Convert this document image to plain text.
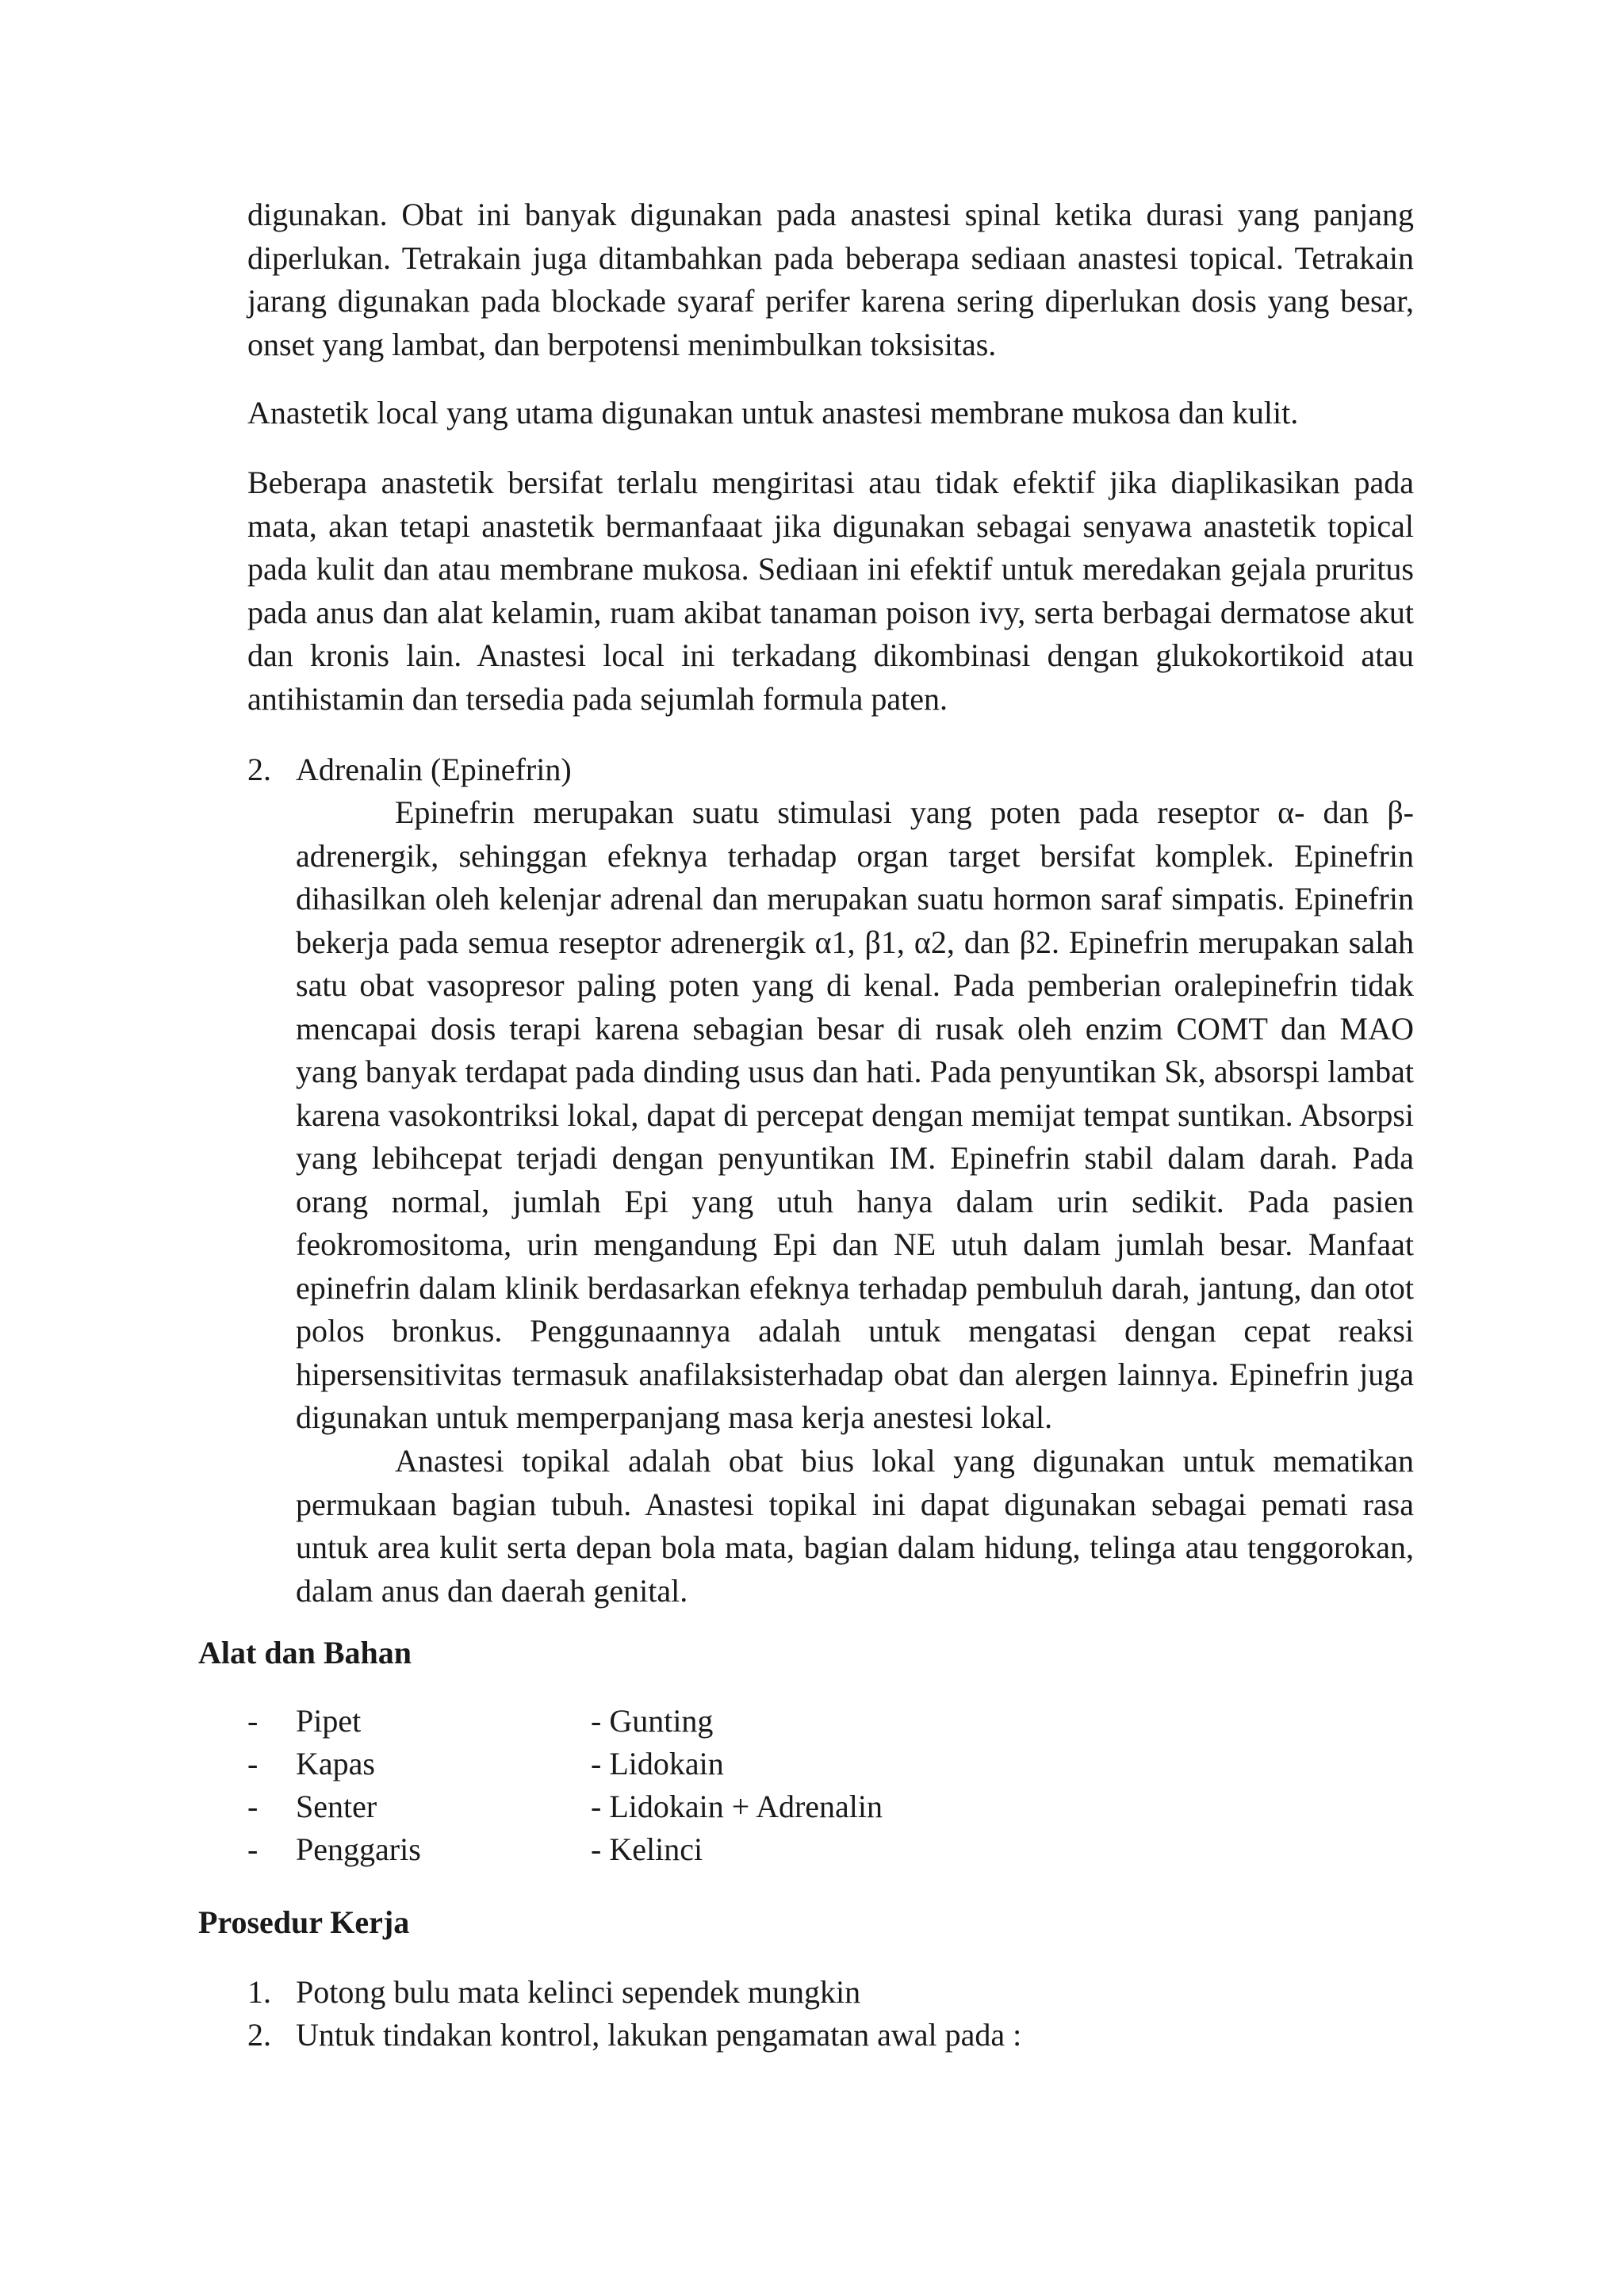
digunakan. Obat ini banyak digunakan pada anastesi spinal ketika durasi yang panjang diperlukan. Tetrakain juga ditambahkan pada beberapa sediaan anastesi topical. Tetrakain jarang digunakan pada blockade syaraf perifer karena sering diperlukan dosis yang besar, onset yang lambat, dan berpotensi menimbulkan toksisitas.

Anastetik local yang utama digunakan untuk anastesi membrane mukosa dan kulit.

Beberapa anastetik bersifat terlalu mengiritasi atau tidak efektif jika diaplikasikan pada mata, akan tetapi anastetik bermanfaaat jika digunakan sebagai senyawa anastetik topical pada kulit dan atau membrane mukosa. Sediaan ini efektif untuk meredakan gejala pruritus pada anus dan alat kelamin, ruam akibat tanaman poison ivy, serta berbagai dermatose akut dan kronis lain. Anastesi local ini terkadang dikombinasi dengan glukokortikoid atau antihistamin dan tersedia pada sejumlah formula paten.

2. Adrenalin (Epinefrin)

Epinefrin merupakan suatu stimulasi yang poten pada reseptor α- dan β-adrenergik, sehinggan efeknya terhadap organ target bersifat komplek. Epinefrin dihasilkan oleh kelenjar adrenal dan merupakan suatu hormon saraf simpatis. Epinefrin bekerja pada semua reseptor adrenergik α1, β1, α2, dan β2. Epinefrin merupakan salah satu obat vasopresor paling poten yang di kenal. Pada pemberian oralepinefrin tidak mencapai dosis terapi karena sebagian besar di rusak oleh enzim COMT dan MAO yang banyak terdapat pada dinding usus dan hati. Pada penyuntikan Sk, absorspi lambat karena vasokontriksi lokal, dapat di percepat dengan memijat tempat suntikan. Absorpsi yang lebihcepat terjadi dengan penyuntikan IM. Epinefrin stabil dalam darah. Pada orang normal, jumlah Epi yang utuh hanya dalam urin sedikit. Pada pasien feokromositoma, urin mengandung Epi dan NE utuh dalam jumlah besar. Manfaat epinefrin dalam klinik berdasarkan efeknya terhadap pembuluh darah, jantung, dan otot polos bronkus. Penggunaannya adalah untuk mengatasi dengan cepat reaksi hipersensitivitas termasuk anafilaksisterhadap obat dan alergen lainnya. Epinefrin juga digunakan untuk memperpanjang masa kerja anestesi lokal.

Anastesi topikal adalah obat bius lokal yang digunakan untuk mematikan permukaan bagian tubuh. Anastesi topikal ini dapat digunakan sebagai pemati rasa untuk area kulit serta depan bola mata, bagian dalam hidung, telinga atau tenggorokan, dalam anus dan daerah genital.

Alat dan Bahan
- Pipet	- Gunting
- Kapas	- Lidokain
- Senter	- Lidokain + Adrenalin
- Penggaris	- Kelinci
Prosedur Kerja
1. Potong bulu mata kelinci sependek mungkin
2. Untuk tindakan kontrol, lakukan pengamatan awal pada :
